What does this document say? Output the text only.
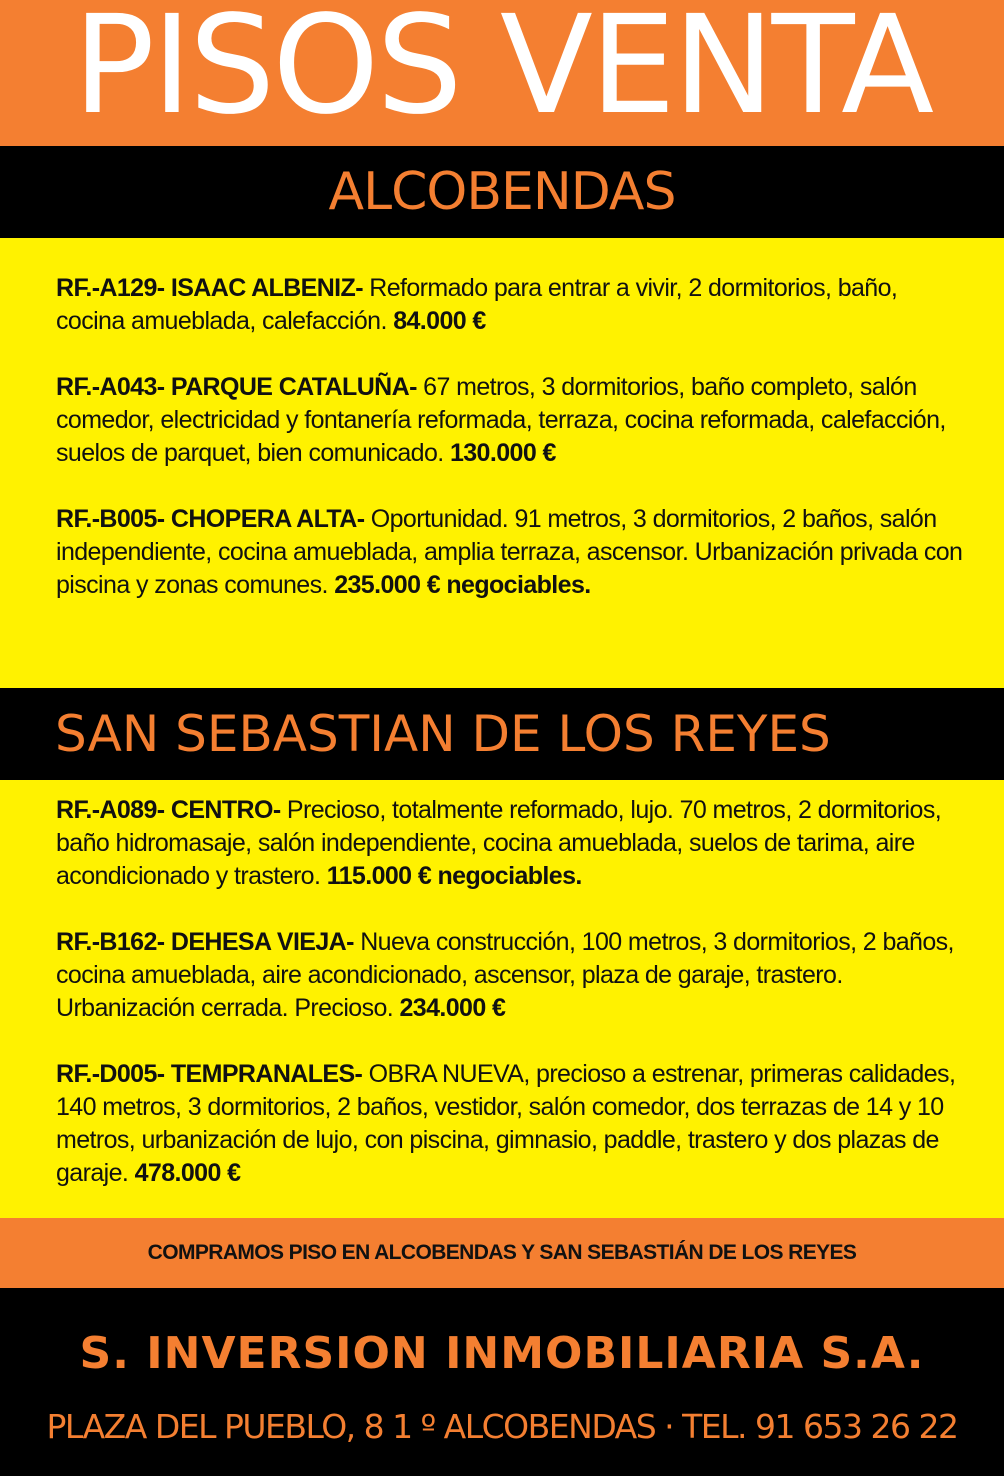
PISOS VENTA
ALCOBENDAS

RF.-A129- ISAAC ALBENIZ- Reformado para entrar a vivir, 2 dormitorios, baño, cocina amueblada, calefacción. 84.000 €

RF.-A043- PARQUE CATALUÑA- 67 metros, 3 dormitorios, baño completo, salón comedor, electricidad y fontanería reformada, terraza, cocina reformada, calefacción, suelos de parquet, bien comunicado. 130.000 €

RF.-B005- CHOPERA ALTA- Oportunidad. 91 metros, 3 dormitorios, 2 baños, salón independiente, cocina amueblada, amplia terraza, ascensor. Urbanización privada con piscina y zonas comunes. 235.000 € negociables.

SAN SEBASTIAN DE LOS REYES

RF.-A089- CENTRO- Precioso, totalmente reformado, lujo. 70 metros, 2 dormitorios, baño hidromasaje, salón independiente, cocina amueblada, suelos de tarima, aire acondicionado y trastero. 115.000 € negociables.

RF.-B162- DEHESA VIEJA- Nueva construcción, 100 metros, 3 dormitorios, 2 baños, cocina amueblada, aire acondicionado, ascensor, plaza de garaje, trastero. Urbanización cerrada. Precioso. 234.000 €

RF.-D005- TEMPRANALES- OBRA NUEVA, precioso a estrenar, primeras calidades, 140 metros, 3 dormitorios, 2 baños, vestidor, salón comedor, dos terrazas de 14 y 10 metros, urbanización de lujo, con piscina, gimnasio, paddle, trastero y dos plazas de garaje. 478.000 €

COMPRAMOS PISO EN ALCOBENDAS Y SAN SEBASTIÁN DE LOS REYES

S. INVERSION INMOBILIARIA S.A.

PLAZA DEL PUEBLO, 8 1 º ALCOBENDAS · TEL. 91 653 26 22
